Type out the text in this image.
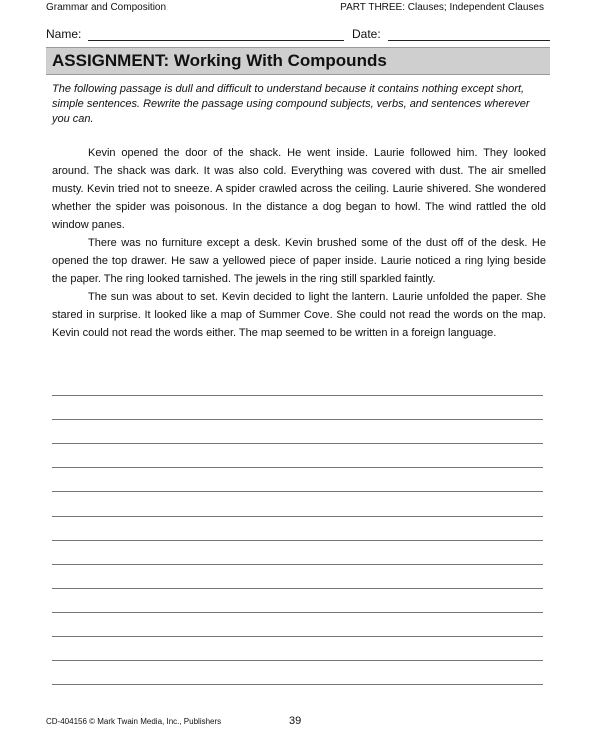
Grammar and Composition	PART THREE: Clauses; Independent Clauses
Name:	Date:
ASSIGNMENT: Working With Compounds

The following passage is dull and difficult to understand because it contains nothing except short, simple sentences. Rewrite the passage using compound subjects, verbs, and sentences wherever you can.

Kevin opened the door of the shack. He went inside. Laurie followed him. They looked around. The shack was dark. It was also cold. Everything was covered with dust. The air smelled musty. Kevin tried not to sneeze. A spider crawled across the ceiling. Laurie shivered. She wondered whether the spider was poisonous. In the distance a dog began to howl. The wind rattled the old window panes.

There was no furniture except a desk. Kevin brushed some of the dust off of the desk. He opened the top drawer. He saw a yellowed piece of paper inside. Laurie noticed a ring lying beside the paper. The ring looked tarnished. The jewels in the ring still sparkled faintly.

The sun was about to set. Kevin decided to light the lantern. Laurie unfolded the paper. She stared in surprise. It looked like a map of Summer Cove. She could not read the words on the map. Kevin could not read the words either. The map seemed to be written in a foreign language.

CD-404156 © Mark Twain Media, Inc., Publishers	39
